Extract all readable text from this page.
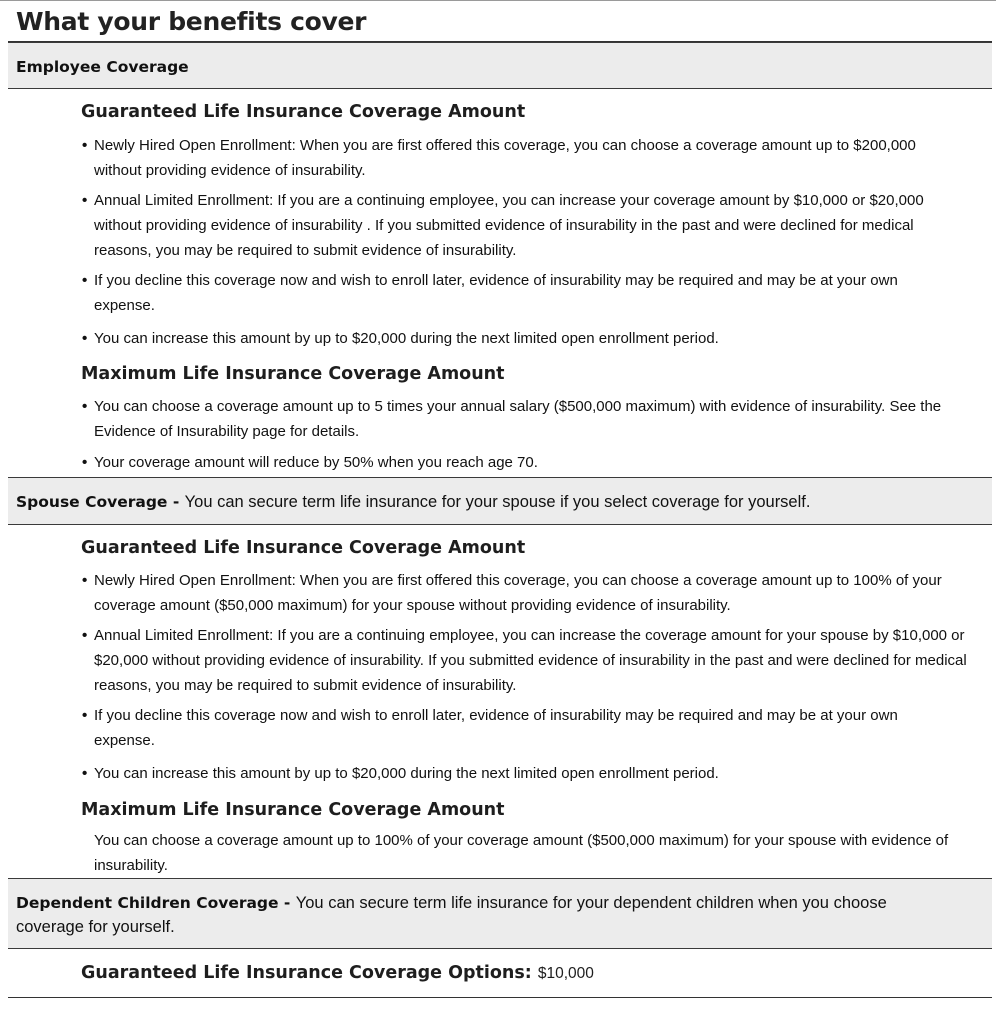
What your benefits cover
Employee Coverage
Guaranteed Life Insurance Coverage Amount

• Newly Hired Open Enrollment: When you are first offered this coverage, you can choose a coverage amount up to $200,000 without providing evidence of insurability.

• Annual Limited Enrollment: If you are a continuing employee, you can increase your coverage amount by $10,000 or $20,000 without providing evidence of insurability . If you submitted evidence of insurability in the past and were declined for medical reasons, you may be required to submit evidence of insurability.

• If you decline this coverage now and wish to enroll later, evidence of insurability may be required and may be at your own expense.

• You can increase this amount by up to $20,000 during the next limited open enrollment period.

Maximum Life Insurance Coverage Amount

• You can choose a coverage amount up to 5 times your annual salary ($500,000 maximum) with evidence of insurability. See the Evidence of Insurability page for details.

• Your coverage amount will reduce by 50% when you reach age 70.

Spouse Coverage - You can secure term life insurance for your spouse if you select coverage for yourself.
Guaranteed Life Insurance Coverage Amount

• Newly Hired Open Enrollment: When you are first offered this coverage, you can choose a coverage amount up to 100% of your coverage amount ($50,000 maximum) for your spouse without providing evidence of insurability.

• Annual Limited Enrollment: If you are a continuing employee, you can increase the coverage amount for your spouse by $10,000 or $20,000 without providing evidence of insurability. If you submitted evidence of insurability in the past and were declined for medical reasons, you may be required to submit evidence of insurability.

• If you decline this coverage now and wish to enroll later, evidence of insurability may be required and may be at your own expense.

• You can increase this amount by up to $20,000 during the next limited open enrollment period.

Maximum Life Insurance Coverage Amount

You can choose a coverage amount up to 100% of your coverage amount ($500,000 maximum) for your spouse with evidence of insurability.

Dependent Children Coverage - You can secure term life insurance for your dependent children when you choose coverage for yourself.
Guaranteed Life Insurance Coverage Options: $10,000
